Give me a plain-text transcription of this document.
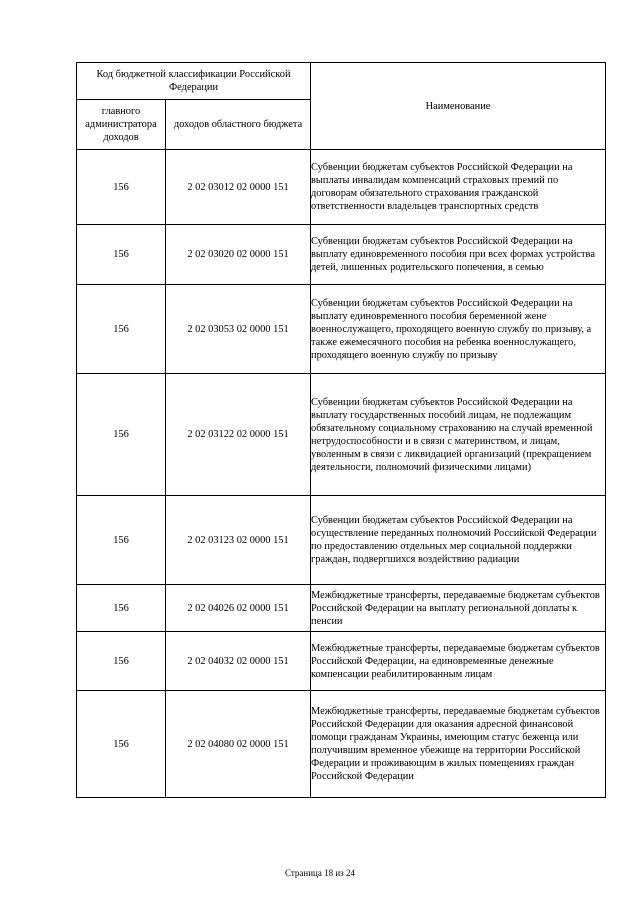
Код бюджетной классификации Российской Федерации		Наименование
главного администратора доходов	доходов областного бюджета	
156	2 02 03012 02 0000 151	Субвенции бюджетам субъектов Российской Федерации на выплаты инвалидам компенсаций страховых премий по договорам обязательного страхования гражданской ответственности владельцев транспортных средств
156	2 02 03020 02 0000 151	Субвенции бюджетам субъектов Российской Федерации на выплату единовременного пособия при всех формах устройства детей, лишенных родительского попечения, в семью
156	2 02 03053 02 0000 151	Субвенции бюджетам субъектов Российской Федерации на выплату единовременного пособия беременной жене военнослужащего, проходящего военную службу по призыву, а также ежемесячного пособия на ребенка военнослужащего, проходящего военную службу по призыву
156	2 02 03122 02 0000 151	Субвенции бюджетам субъектов Российской Федерации на выплату государственных пособий лицам, не подлежащим обязательному социальному страхованию на случай временной нетрудоспособности и в связи с материнством, и лицам, уволенным в связи с ликвидацией организаций (прекращением деятельности, полномочий физическими лицами)
156	2 02 03123 02 0000 151	Субвенции бюджетам субъектов Российской Федерации на осуществление переданных полномочий Российской Федерации по предоставлению отдельных мер социальной поддержки граждан, подвергшихся воздействию радиации
156	2 02 04026 02 0000 151	Межбюджетные трансферты, передаваемые бюджетам субъектов Российской Федерации на выплату региональной доплаты к пенсии
156	2 02 04032 02 0000 151	Межбюджетные трансферты, передаваемые бюджетам субъектов Российской Федерации, на единовременные денежные компенсации реабилитированным лицам
156	2 02 04080 02 0000 151	Межбюджетные трансферты, передаваемые бюджетам субъектов Российской Федерации для оказания адресной финансовой помощи гражданам Украины, имеющим статус беженца или получившим временное убежище на территории Российской Федерации и проживающим в жилых помещениях граждан Российской Федерации
Страница 18 из 24
